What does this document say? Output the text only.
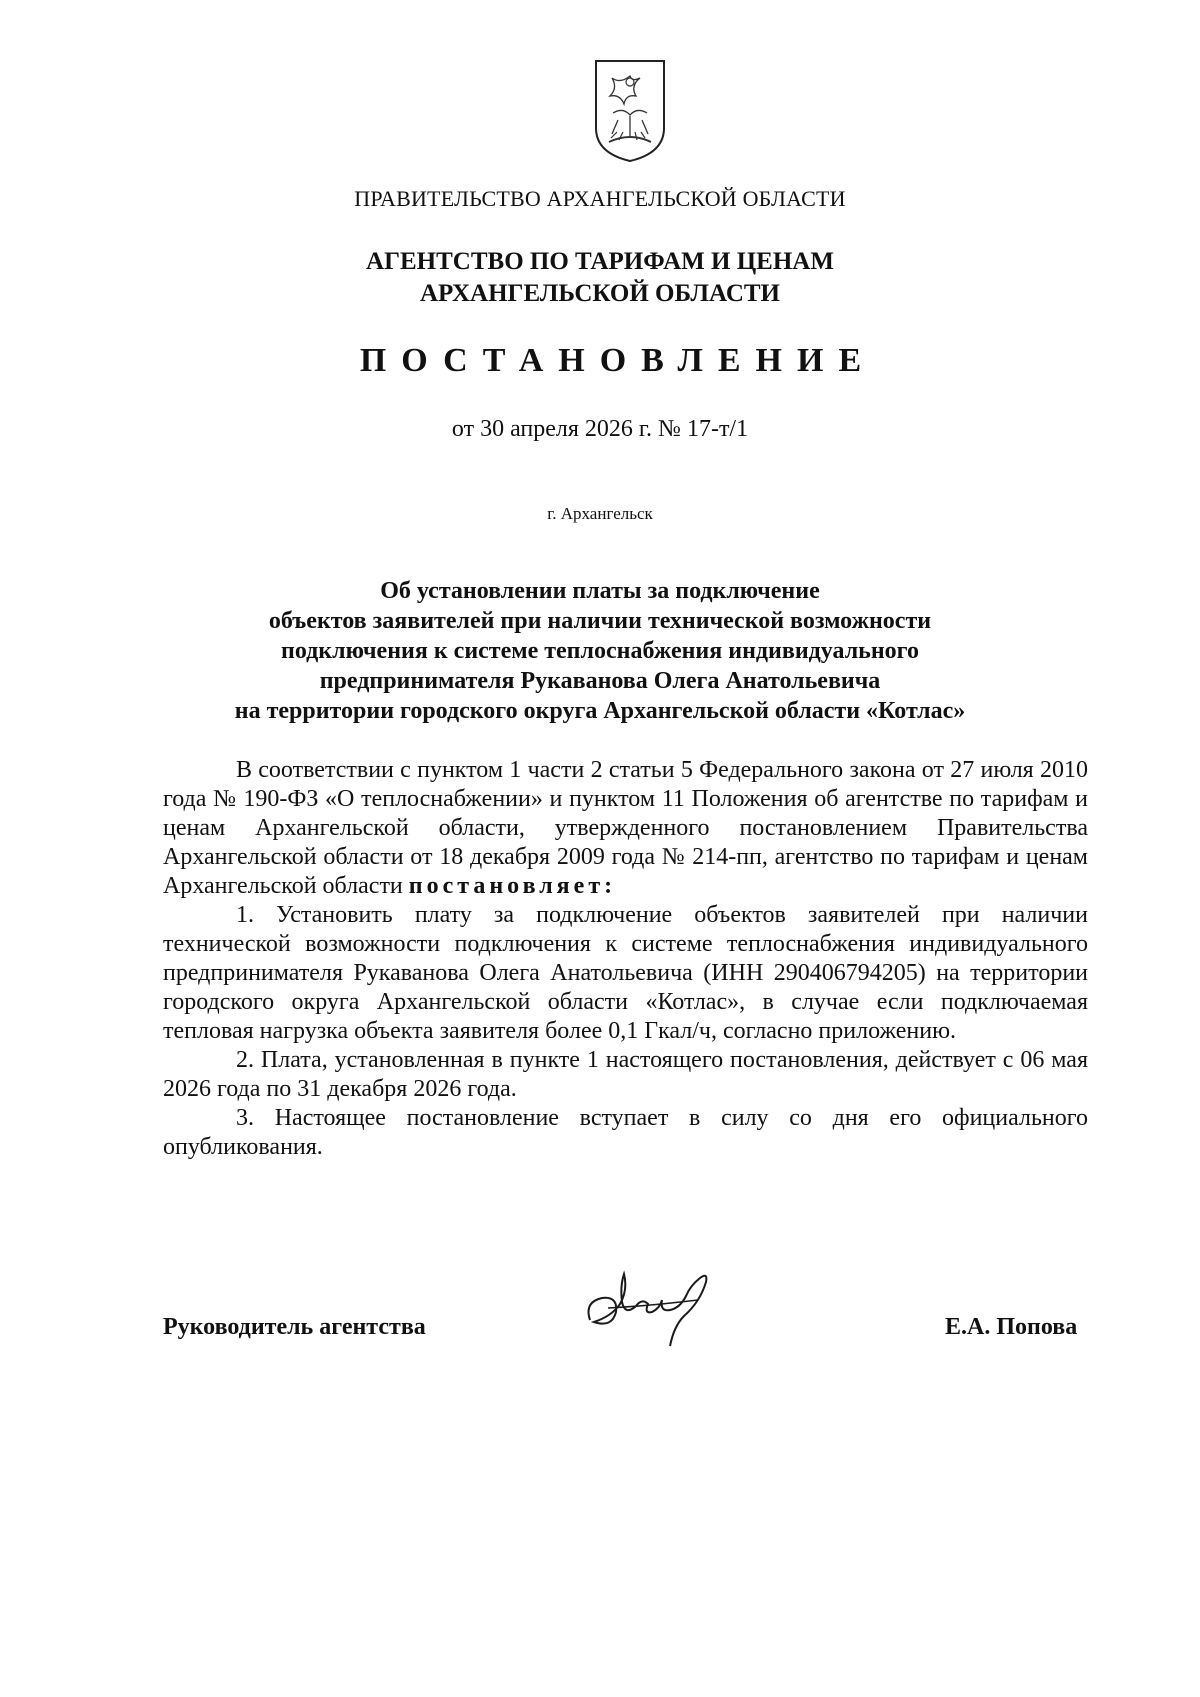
ПРАВИТЕЛЬСТВО АРХАНГЕЛЬСКОЙ ОБЛАСТИ
АГЕНТСТВО ПО ТАРИФАМ И ЦЕНАМ
АРХАНГЕЛЬСКОЙ ОБЛАСТИ
ПОСТАНОВЛЕНИЕ
от 30 апреля 2026 г. № 17-т/1
г. Архангельск
Об установлении платы за подключение
объектов заявителей при наличии технической возможности
подключения к системе теплоснабжения индивидуального
предпринимателя Рукаванова Олега Анатольевича
на территории городского округа Архангельской области «Котлас»

В соответствии с пунктом 1 части 2 статьи 5 Федерального закона от 27 июля 2010 года № 190-ФЗ «О теплоснабжении» и пунктом 11 Положения об агентстве по тарифам и ценам Архангельской области, утвержденного постановлением Правительства Архангельской области от 18 декабря 2009 года № 214-пп, агентство по тарифам и ценам Архангельской области постановляет:

1. Установить плату за подключение объектов заявителей при наличии технической возможности подключения к системе теплоснабжения индивидуального предпринимателя Рукаванова Олега Анатольевича (ИНН 290406794205) на территории городского округа Архангельской области «Котлас», в случае если подключаемая тепловая нагрузка объекта заявителя более 0,1 Гкал/ч, согласно приложению.

2. Плата, установленная в пункте 1 настоящего постановления, действует с 06 мая 2026 года по 31 декабря 2026 года.

3. Настоящее постановление вступает в силу со дня его официального опубликования.

Руководитель агентства	Е.А. Попова
